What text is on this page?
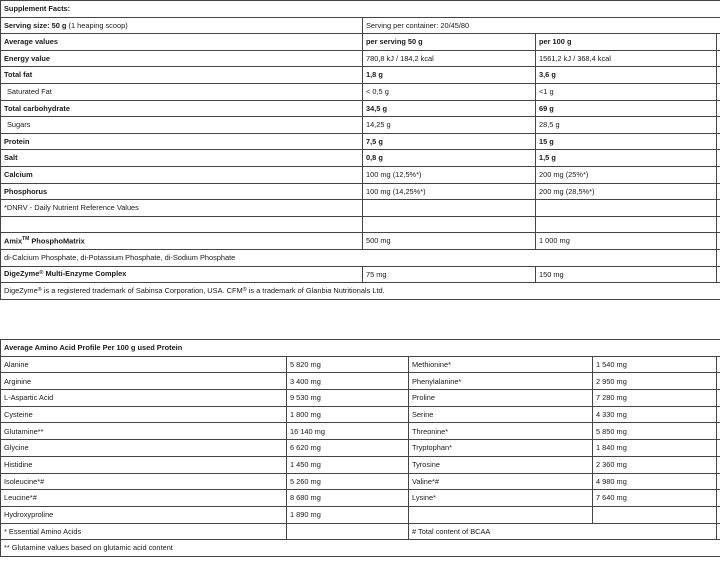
Supplement Facts:			
Serving size: 50 g (1 heaping scoop)	Serving per container: 20/45/80		
Average values	per serving 50 g	per 100 g	
Energy value	780,8 kJ / 184,2 kcal	1561,2 kJ / 368,4 kcal	
Total fat	1,8 g	3,6 g	
Saturated Fat	< 0,5 g	<1 g	
Total carbohydrate	34,5 g	69 g	
Sugars	14,25 g	28,5 g	
Protein	7,5 g	15 g	
Salt	0,8 g	1,5 g	
Calcium	100 mg (12,5%*)	200 mg (25%*)	
Phosphorus	100 mg (14,25%*)	200 mg (28,5%*)	
*DNRV - Daily Nutrient Reference Values			

Amix™ PhosphoMatrix	500 mg	1 000 mg	
di-Calcium Phosphate, di-Potassium Phosphate, di-Sodium Phosphate			
DigeZyme® Multi-Enzyme Complex	75 mg	150 mg	
DigeZyme® is a registered trademark of Sabinsa Corporation, USA. CFM® is a trademark of Glanbia Nutritionals Ltd.			
Average Amino Acid Profile Per 100 g used Protein				
Alanine	5 820 mg	Methionine*	1 540 mg	
Arginine	3 400 mg	Phenylalanine*	2 950 mg	
L-Aspartic Acid	9 530 mg	Proline	7 280 mg	
Cysteine	1 800 mg	Serine	4 330 mg	
Glutamine**	16 140 mg	Threonine*	5 850 mg	
Glycine	6 620 mg	Tryptophan*	1 840 mg	
Histidine	1 450 mg	Tyrosine	2 360 mg	
Isoleucine*#	5 260 mg	Valine*#	4 980 mg	
Leucine*#	8 680 mg	Lysine*	7 640 mg	
Hydroxyproline	1 890 mg			
* Essential Amino Acids		# Total content of BCAA		
** Glutamine values based on glutamic acid content				
